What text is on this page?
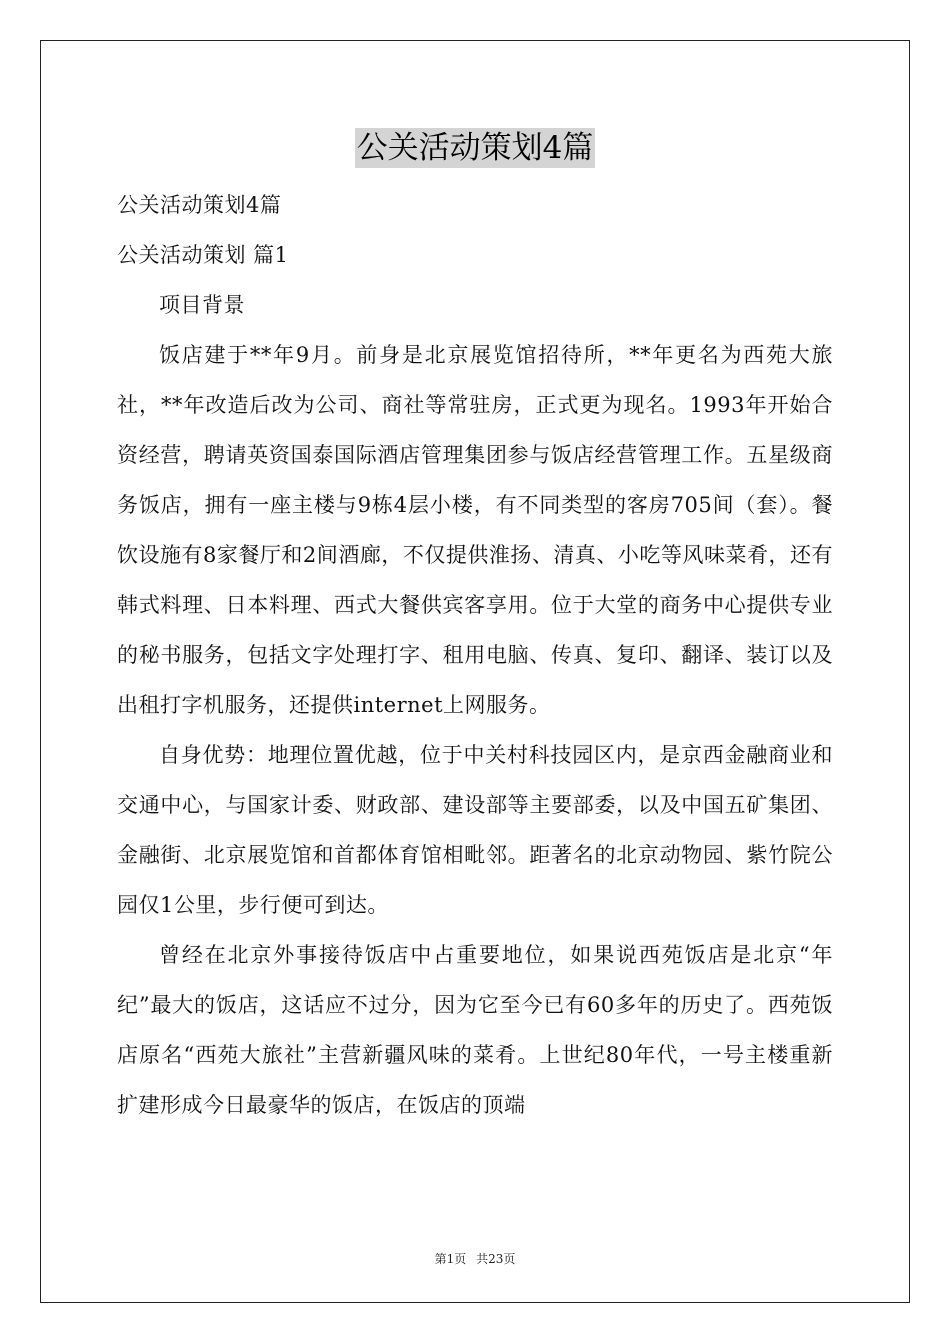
公关活动策划4篇

公关活动策划4篇

公关活动策划 篇1

项目背景

饭店建于**年9月。前身是北京展览馆招待所，**年更名为西苑大旅社，**年改造后改为公司、商社等常驻房，正式更为现名。1993年开始合资经营，聘请英资国泰国际酒店管理集团参与饭店经营管理工作。五星级商务饭店，拥有一座主楼与9栋4层小楼，有不同类型的客房705间（套）。餐饮设施有8家餐厅和2间酒廊，不仅提供淮扬、清真、小吃等风味菜肴，还有韩式料理、日本料理、西式大餐供宾客享用。位于大堂的商务中心提供专业的秘书服务，包括文字处理打字、租用电脑、传真、复印、翻译、装订以及出租打字机服务，还提供internet上网服务。

自身优势：地理位置优越，位于中关村科技园区内，是京西金融商业和交通中心，与国家计委、财政部、建设部等主要部委，以及中国五矿集团、金融街、北京展览馆和首都体育馆相毗邻。距著名的北京动物园、紫竹院公园仅1公里，步行便可到达。

曾经在北京外事接待饭店中占重要地位，如果说西苑饭店是北京“年纪”最大的饭店，这话应不过分，因为它至今已有60多年的历史了。西苑饭店原名“西苑大旅社”主营新疆风味的菜肴。上世纪80年代，一号主楼重新扩建形成今日最豪华的饭店，在饭店的顶端

第1页 共23页
